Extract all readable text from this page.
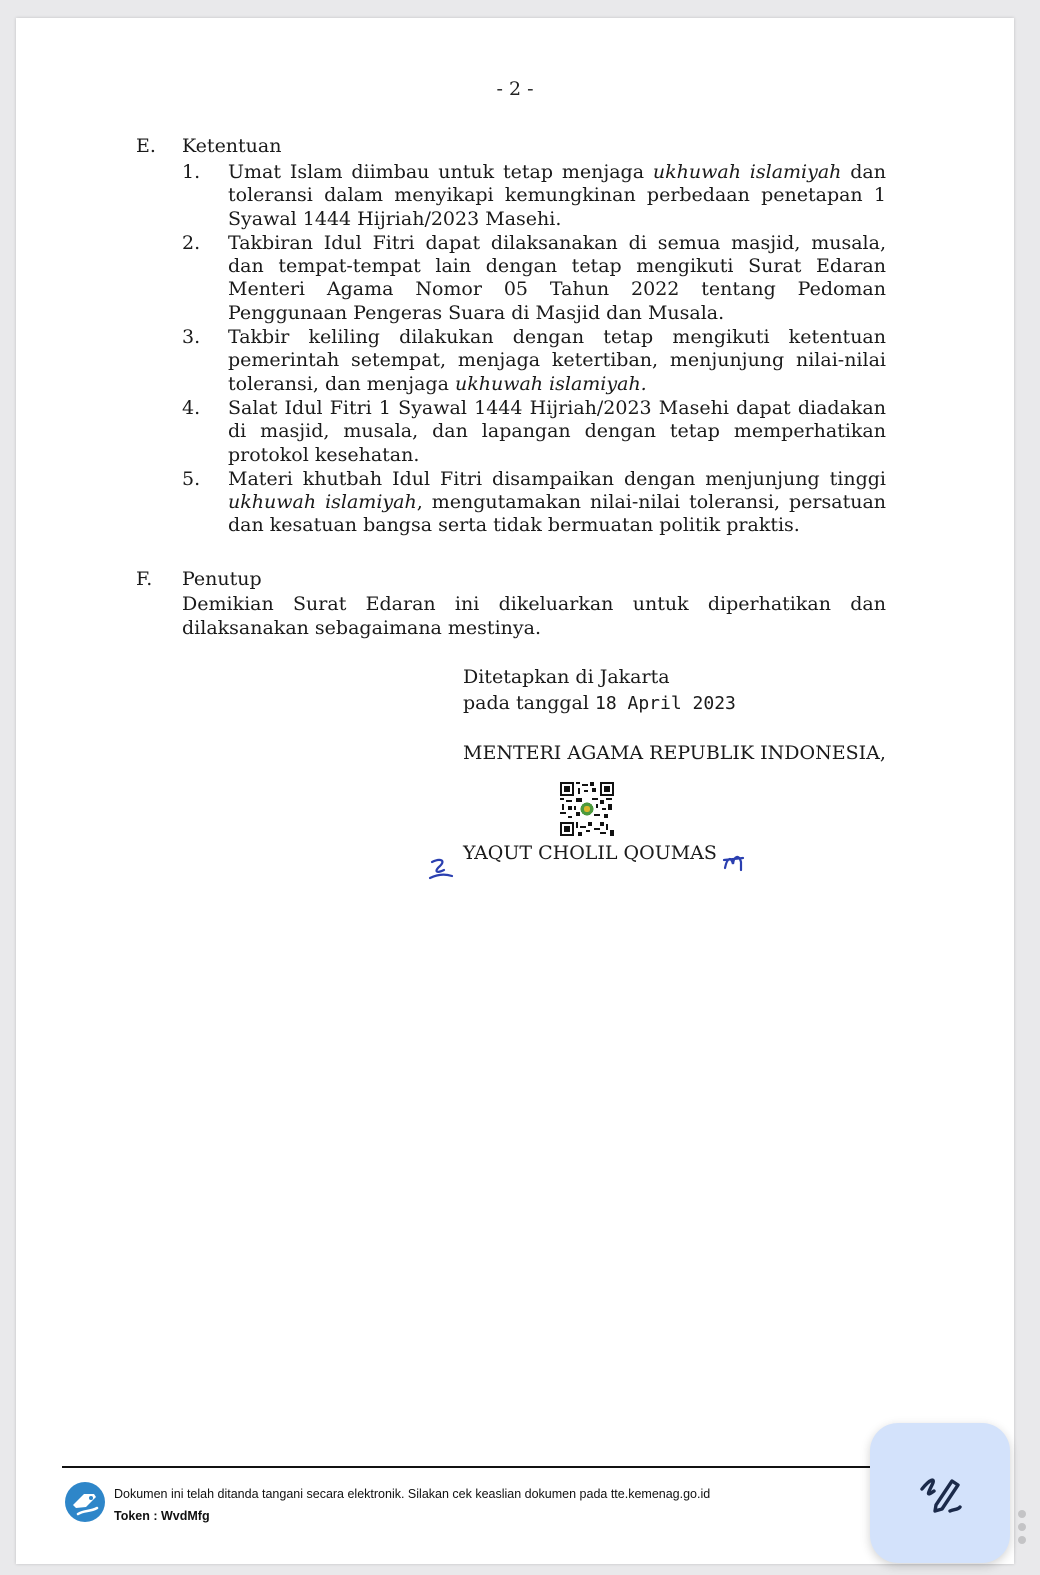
- 2 -
E.	Ketentuan
1.	Umat Islam diimbau untuk tetap menjaga ukhuwah islamiyah dan toleransi dalam menyikapi kemungkinan perbedaan penetapan 1 Syawal 1444 Hijriah/2023 Masehi.
2.	Takbiran Idul Fitri dapat dilaksanakan di semua masjid, musala, dan tempat-tempat lain dengan tetap mengikuti Surat Edaran Menteri Agama Nomor 05 Tahun 2022 tentang Pedoman Penggunaan Pengeras Suara di Masjid dan Musala.
3.	Takbir keliling dilakukan dengan tetap mengikuti ketentuan pemerintah setempat, menjaga ketertiban, menjunjung nilai-nilai toleransi, dan menjaga ukhuwah islamiyah.
4.	Salat Idul Fitri 1 Syawal 1444 Hijriah/2023 Masehi dapat diadakan di masjid, musala, dan lapangan dengan tetap memperhatikan protokol kesehatan.
5.	Materi khutbah Idul Fitri disampaikan dengan menjunjung tinggi ukhuwah islamiyah, mengutamakan nilai-nilai toleransi, persatuan dan kesatuan bangsa serta tidak bermuatan politik praktis.
F.	Penutup
Demikian Surat Edaran ini dikeluarkan untuk diperhatikan dan dilaksanakan sebagaimana mestinya.
Ditetapkan di Jakarta
pada tanggal 18 April 2023
MENTERI AGAMA REPUBLIK INDONESIA,
YAQUT CHOLIL QOUMAS
Dokumen ini telah ditanda tangani secara elektronik. Silakan cek keaslian dokumen pada tte.kemenag.go.id
Token : WvdMfg
